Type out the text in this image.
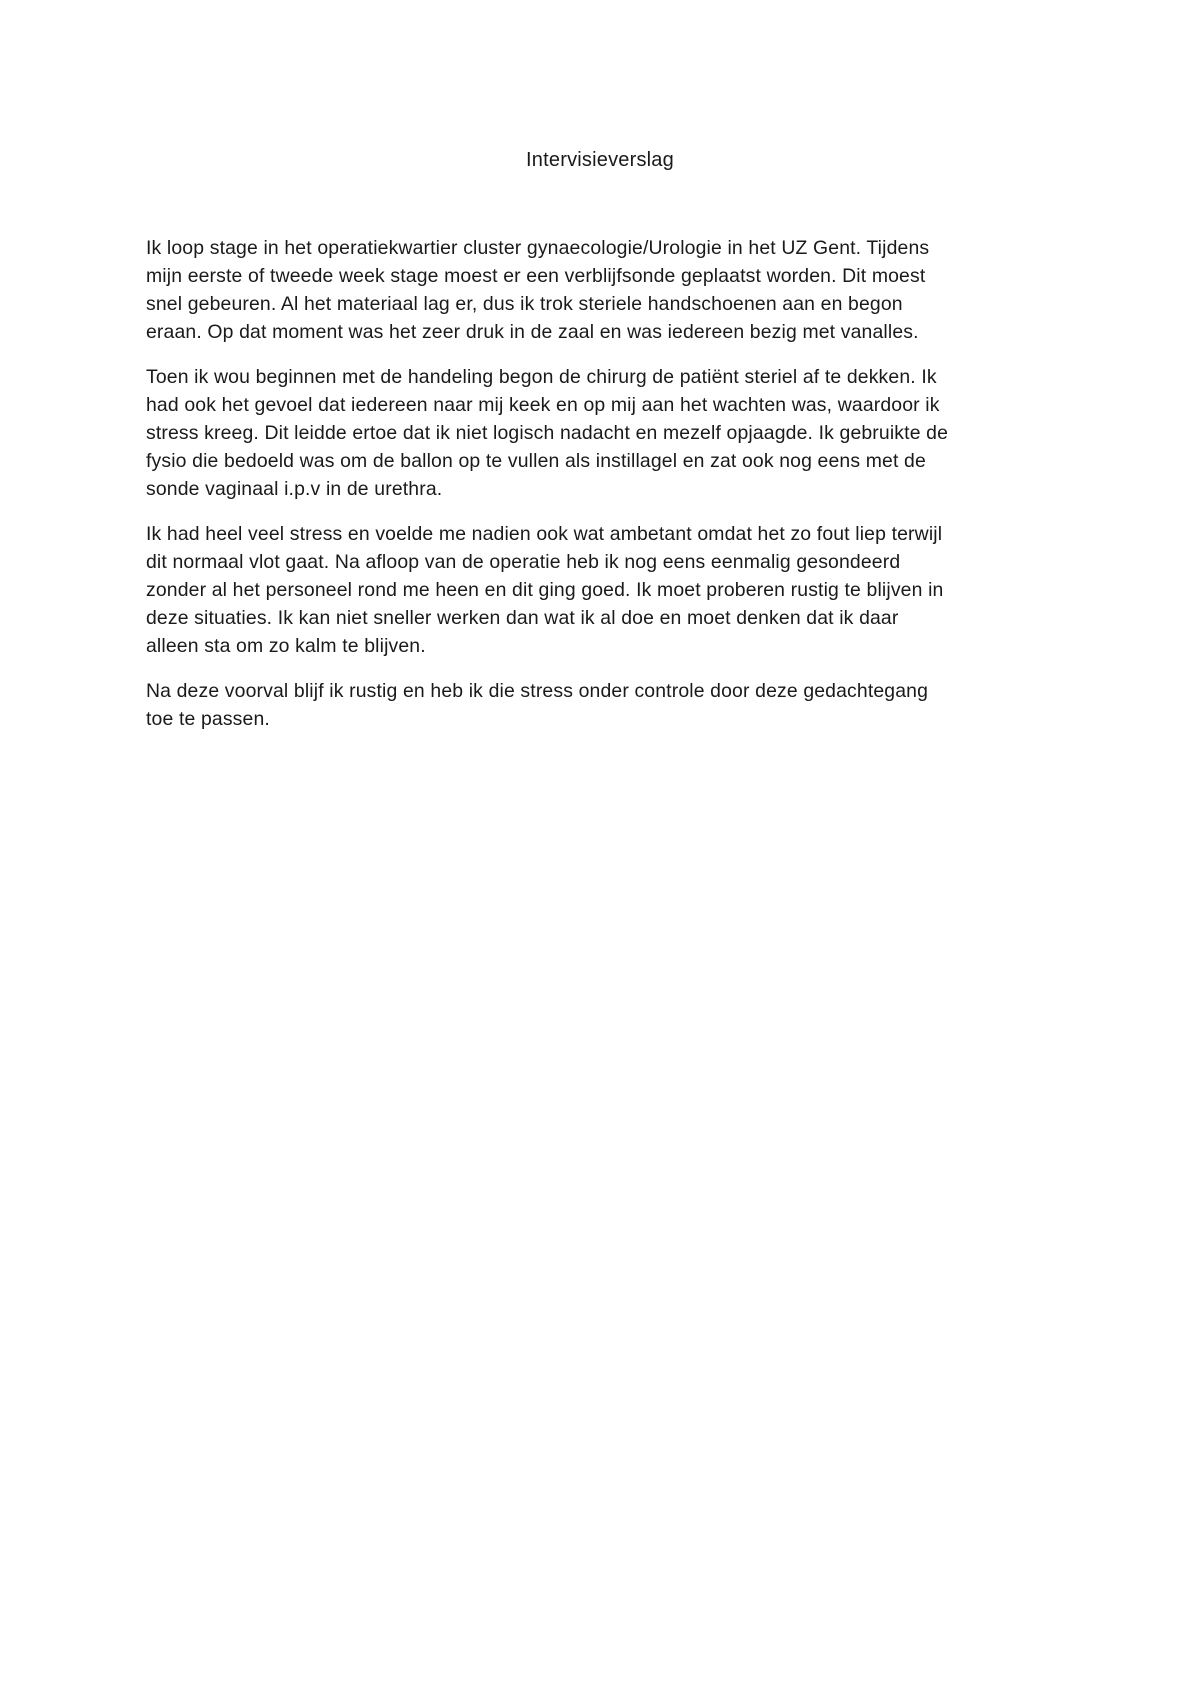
Intervisieverslag

Ik loop stage in het operatiekwartier cluster gynaecologie/Urologie in het UZ Gent. Tijdens
mijn eerste of tweede week stage moest er een verblijfsonde geplaatst worden. Dit moest
snel gebeuren. Al het materiaal lag er, dus ik trok steriele handschoenen aan en begon
eraan. Op dat moment was het zeer druk in de zaal en was iedereen bezig met vanalles.

Toen ik wou beginnen met de handeling begon de chirurg de patiënt steriel af te dekken. Ik
had ook het gevoel dat iedereen naar mij keek en op mij aan het wachten was, waardoor ik
stress kreeg. Dit leidde ertoe dat ik niet logisch nadacht en mezelf opjaagde. Ik gebruikte de
fysio die bedoeld was om de ballon op te vullen als instillagel en zat ook nog eens met de
sonde vaginaal i.p.v in de urethra.

Ik had heel veel stress en voelde me nadien ook wat ambetant omdat het zo fout liep terwijl
dit normaal vlot gaat. Na afloop van de operatie heb ik nog eens eenmalig gesondeerd
zonder al het personeel rond me heen en dit ging goed. Ik moet proberen rustig te blijven in
deze situaties. Ik kan niet sneller werken dan wat ik al doe en moet denken dat ik daar
alleen sta om zo kalm te blijven.

Na deze voorval blijf ik rustig en heb ik die stress onder controle door deze gedachtegang
toe te passen.
